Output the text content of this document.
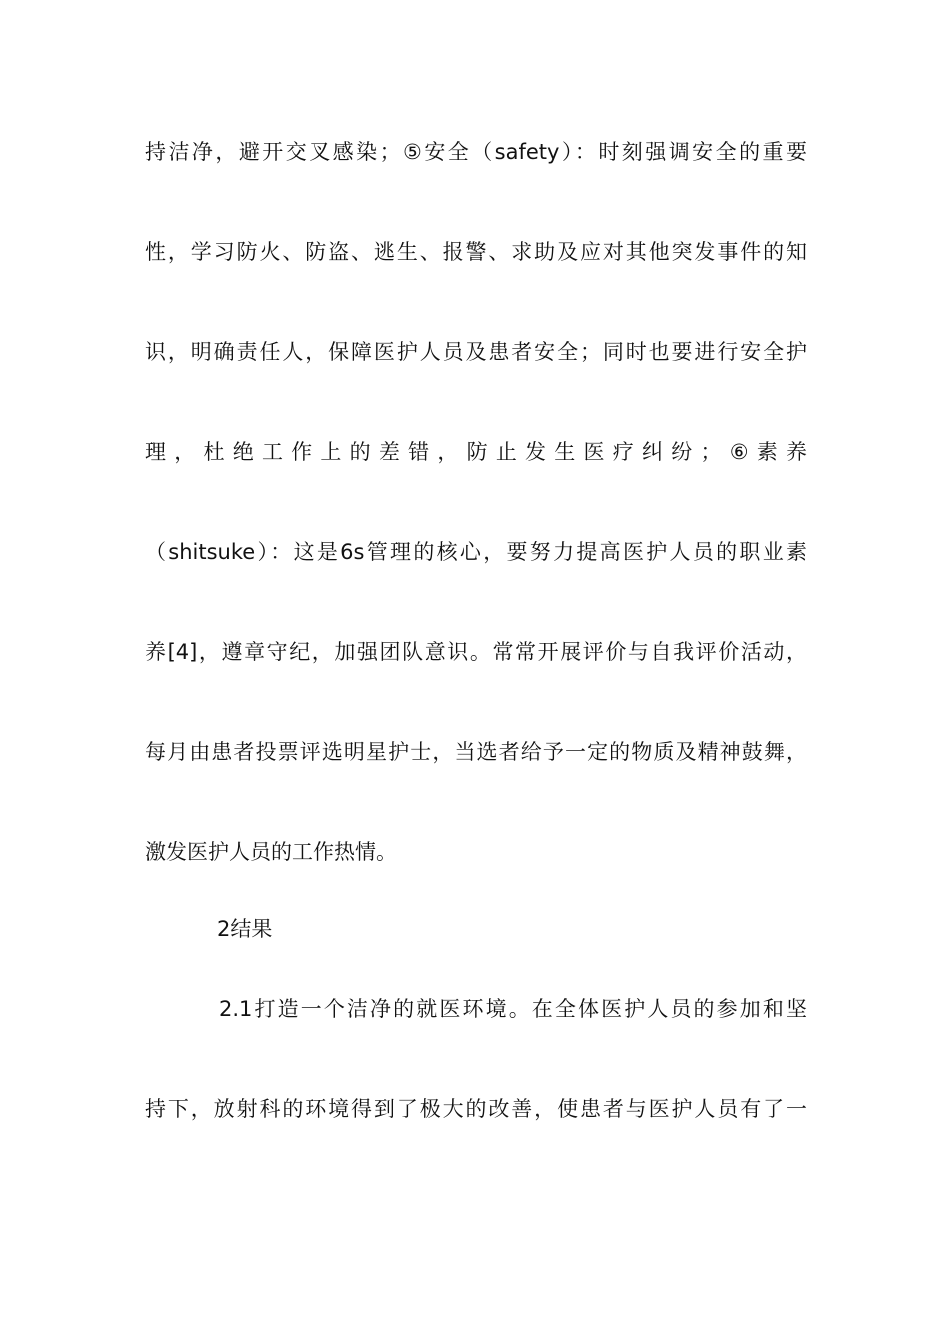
持洁净，避开交叉感染；⑤安全（safety）：时刻强调安全的重要
性，学习防火、防盗、逃生、报警、求助及应对其他突发事件的知
识，明确责任人，保障医护人员及患者安全；同时也要进行安全护
理，杜绝工作上的差错，防止发生医疗纠纷；⑥素养
（shitsuke）：这是6s管理的核心，要努力提高医护人员的职业素
养[4]，遵章守纪，加强团队意识。常常开展评价与自我评价活动，
每月由患者投票评选明星护士，当选者给予一定的物质及精神鼓舞，
激发医护人员的工作热情。
2结果
2.1打造一个洁净的就医环境。在全体医护人员的参加和坚
持下，放射科的环境得到了极大的改善，使患者与医护人员有了一
